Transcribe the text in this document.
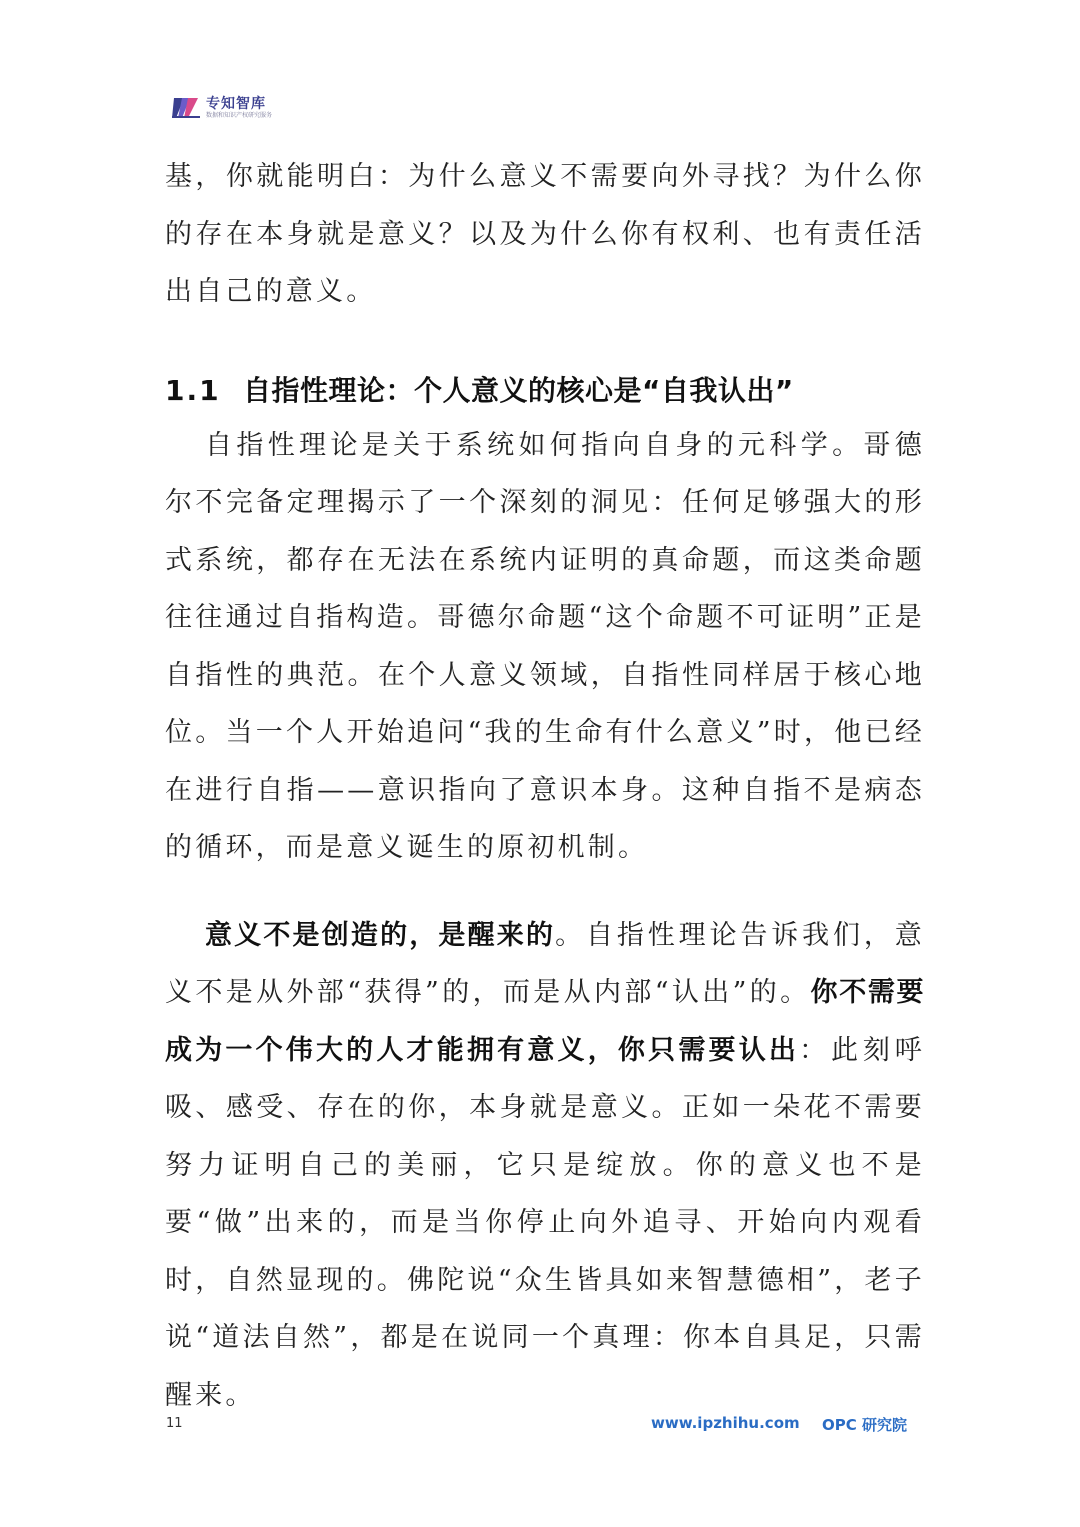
专知智库
数据和知识产权研究服务

基，你就能明白：为什么意义不需要向外寻找？为什么你的存在本身就是意义？以及为什么你有权利、也有责任活出自己的意义。

1.1 自指性理论：个人意义的核心是“自我认出”

自指性理论是关于系统如何指向自身的元科学。哥德尔不完备定理揭示了一个深刻的洞见：任何足够强大的形式系统，都存在无法在系统内证明的真命题，而这类命题往往通过自指构造。哥德尔命题“这个命题不可证明”正是自指性的典范。在个人意义领域，自指性同样居于核心地位。当一个人开始追问“我的生命有什么意义”时，他已经在进行自指——意识指向了意识本身。这种自指不是病态的循环，而是意义诞生的原初机制。

意义不是创造的，是醒来的。自指性理论告诉我们，意义不是从外部“获得”的，而是从内部“认出”的。你不需要成为一个伟大的人才能拥有意义，你只需要认出：此刻呼吸、感受、存在的你，本身就是意义。正如一朵花不需要努力证明自己的美丽，它只是绽放。你的意义也不是要“做”出来的，而是当你停止向外追寻、开始向内观看时，自然显现的。佛陀说“众生皆具如来智慧德相”，老子说“道法自然”，都是在说同一个真理：你本自具足，只需醒来。

11	www.ipzhihu.com OPC 研究院
